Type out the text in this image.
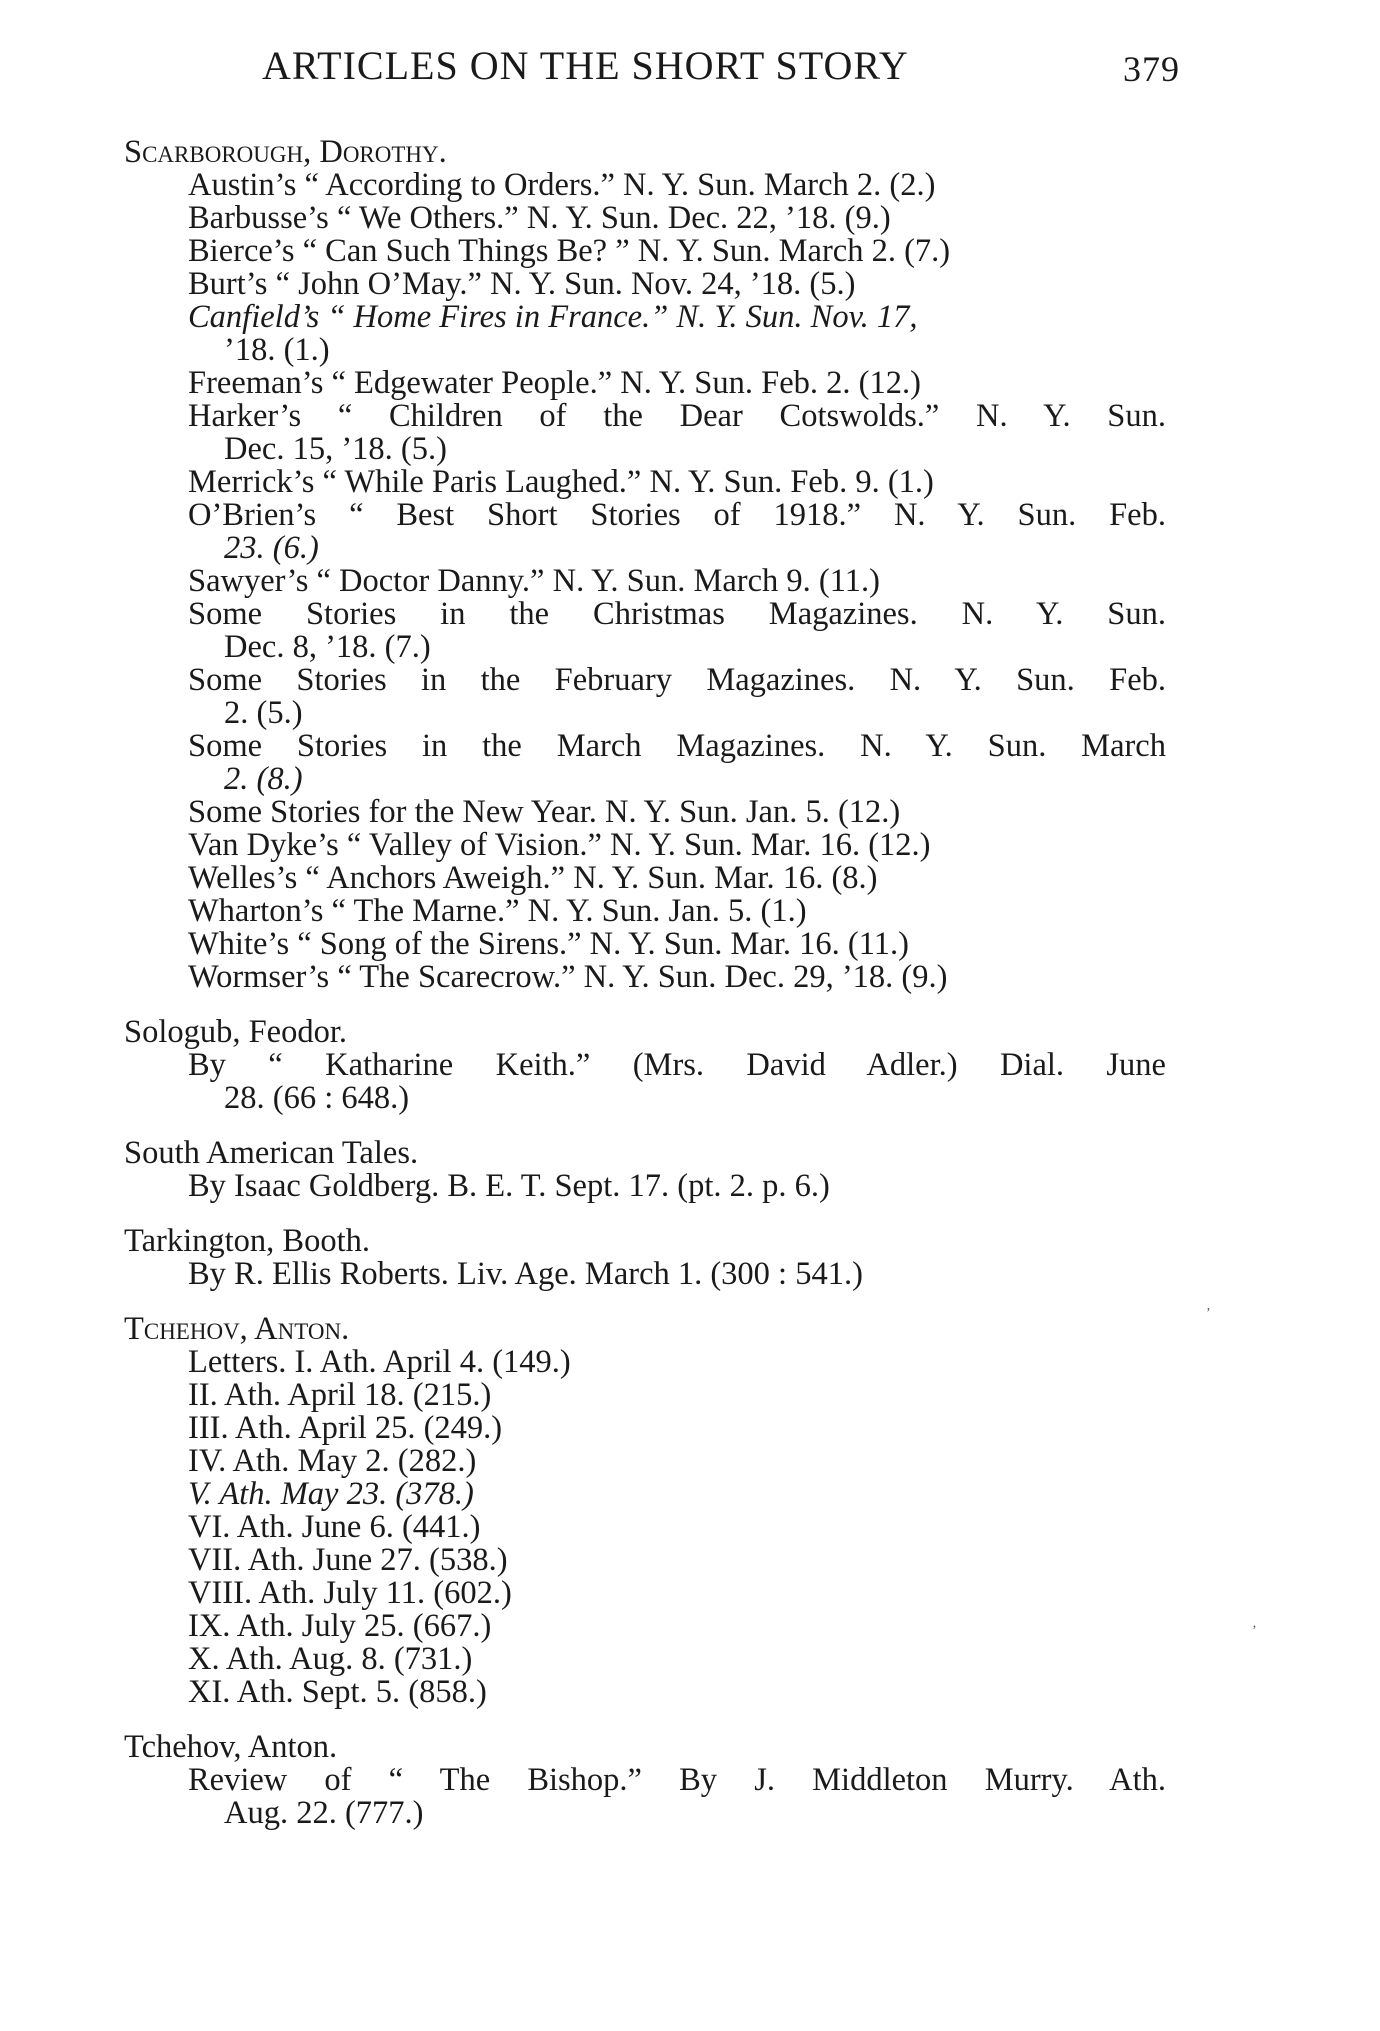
ARTICLES ON THE SHORT STORY	379
Scarborough, Dorothy.
Austin’s “ According to Orders.” N. Y. Sun. March 2. (2.)
Barbusse’s “ We Others.” N. Y. Sun. Dec. 22, ’18. (9.)
Bierce’s “ Can Such Things Be? ” N. Y. Sun. March 2. (7.)
Burt’s “ John O’May.” N. Y. Sun. Nov. 24, ’18. (5.)
Canfield’s “ Home Fires in France.” N. Y. Sun. Nov. 17,
’18. (1.)
Freeman’s “ Edgewater People.” N. Y. Sun. Feb. 2. (12.)
Harker’s “ Children of the Dear Cotswolds.” N. Y. Sun.
Dec. 15, ’18. (5.)
Merrick’s “ While Paris Laughed.” N. Y. Sun. Feb. 9. (1.)
O’Brien’s “ Best Short Stories of 1918.” N. Y. Sun. Feb.
23. (6.)
Sawyer’s “ Doctor Danny.” N. Y. Sun. March 9. (11.)
Some Stories in the Christmas Magazines. N. Y. Sun.
Dec. 8, ’18. (7.)
Some Stories in the February Magazines. N. Y. Sun. Feb.
2. (5.)
Some Stories in the March Magazines. N. Y. Sun. March
2. (8.)
Some Stories for the New Year. N. Y. Sun. Jan. 5. (12.)
Van Dyke’s “ Valley of Vision.” N. Y. Sun. Mar. 16. (12.)
Welles’s “ Anchors Aweigh.” N. Y. Sun. Mar. 16. (8.)
Wharton’s “ The Marne.” N. Y. Sun. Jan. 5. (1.)
White’s “ Song of the Sirens.” N. Y. Sun. Mar. 16. (11.)
Wormser’s “ The Scarecrow.” N. Y. Sun. Dec. 29, ’18. (9.)
Sologub, Feodor.
By “ Katharine Keith.” (Mrs. David Adler.) Dial. June
28. (66 : 648.)
South American Tales.
By Isaac Goldberg. B. E. T. Sept. 17. (pt. 2. p. 6.)
Tarkington, Booth.
By R. Ellis Roberts. Liv. Age. March 1. (300 : 541.)
Tchehov, Anton.
Letters. I. Ath. April 4. (149.)
II. Ath. April 18. (215.)
III. Ath. April 25. (249.)
IV. Ath. May 2. (282.)
V. Ath. May 23. (378.)
VI. Ath. June 6. (441.)
VII. Ath. June 27. (538.)
VIII. Ath. July 11. (602.)
IX. Ath. July 25. (667.)
X. Ath. Aug. 8. (731.)
XI. Ath. Sept. 5. (858.)
Tchehov, Anton.
Review of “ The Bishop.” By J. Middleton Murry. Ath.
Aug. 22. (777.)
’
‚
